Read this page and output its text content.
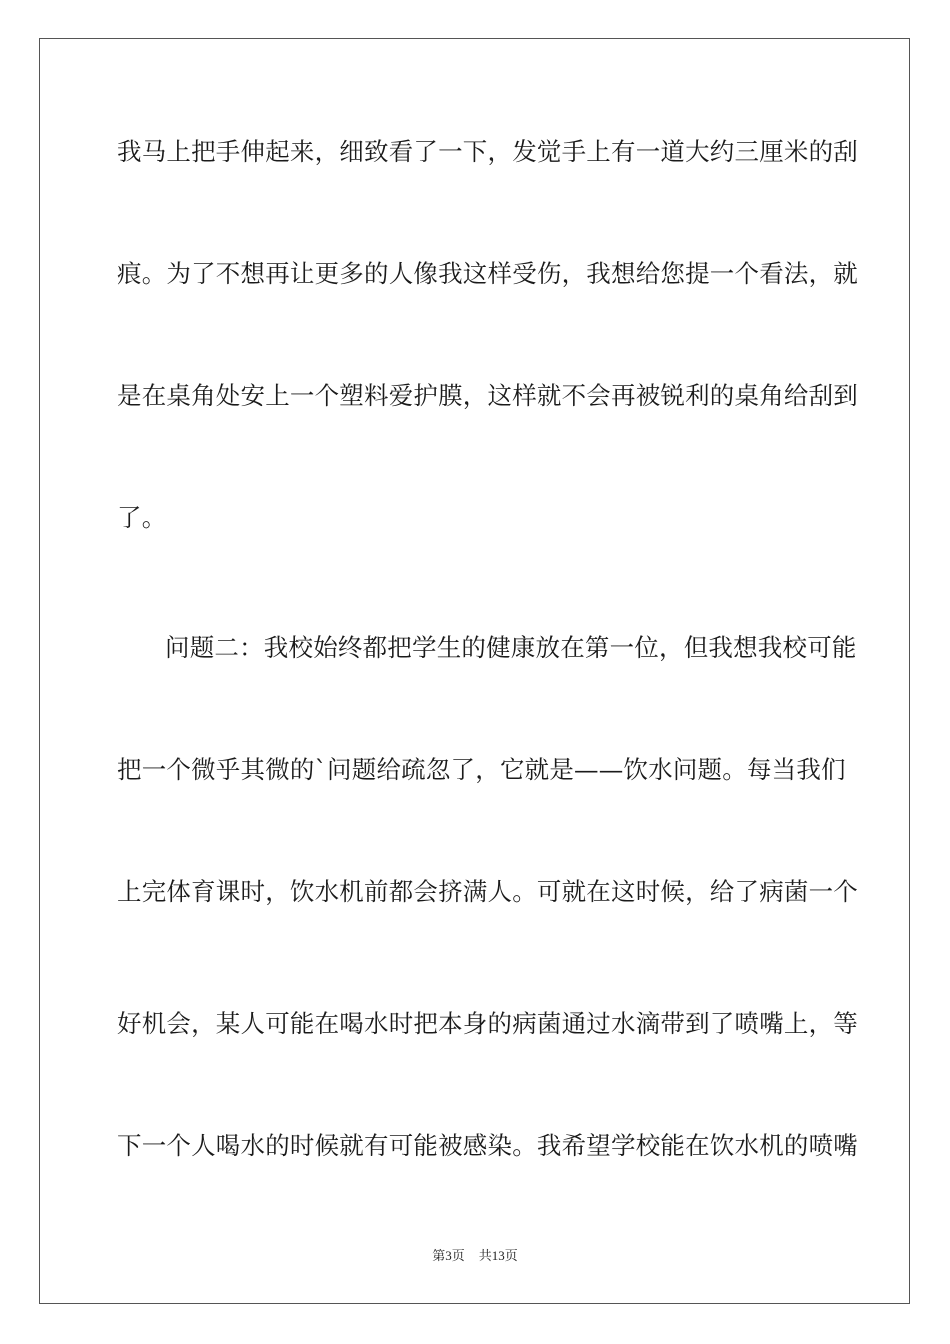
我马上把手伸起来，细致看了一下，发觉手上有一道大约三厘米的刮
痕。为了不想再让更多的人像我这样受伤，我想给您提一个看法，就
是在桌角处安上一个塑料爱护膜，这样就不会再被锐利的桌角给刮到
了。
问题二：我校始终都把学生的健康放在第一位，但我想我校可能
把一个微乎其微的`问题给疏忽了，它就是——饮水问题。每当我们
上完体育课时，饮水机前都会挤满人。可就在这时候，给了病菌一个
好机会，某人可能在喝水时把本身的病菌通过水滴带到了喷嘴上，等
下一个人喝水的时候就有可能被感染。我希望学校能在饮水机的喷嘴
第3页 共13页
